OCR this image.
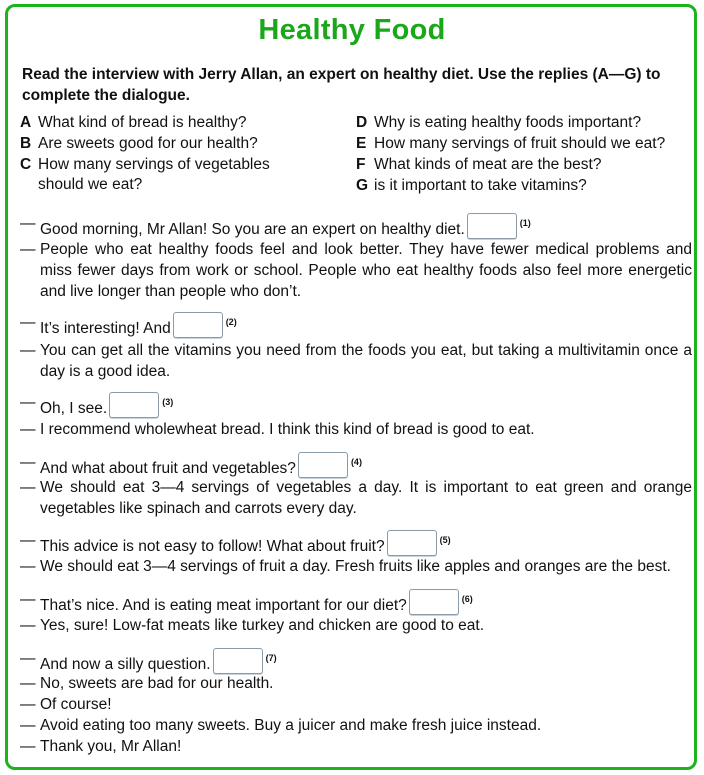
Healthy Food
Read the interview with Jerry Allan, an expert on healthy diet. Use the replies (A—G) to complete the dialogue.
A What kind of bread is healthy?
B Are sweets good for our health?
C How many servings of vegetables
should we eat?
D Why is eating healthy foods important?
E How many servings of fruit should we eat?
F What kinds of meat are the best?
G is it important to take vitamins?
— Good morning, Mr Allan! So you are an expert on healthy diet.	$^{(1)}$
— People who eat healthy foods feel and look better. They have fewer medical problems and miss fewer days from work or school. People who eat healthy foods also feel more energetic and live longer than people who don’t.
— It’s interesting! And	$^{(2)}$
— You can get all the vitamins you need from the foods you eat, but taking a multivitamin once a day is a good idea.
— Oh, I see.	$^{(3)}$
— I recommend wholewheat bread. I think this kind of bread is good to eat.
— And what about fruit and vegetables?	$^{(4)}$
— We should eat 3—4 servings of vegetables a day. It is important to eat green and orange vegetables like spinach and carrots every day.
— This advice is not easy to follow! What about fruit?	$^{(5)}$
— We should eat 3—4 servings of fruit a day. Fresh fruits like apples and oranges are the best.
— That’s nice. And is eating meat important for our diet?	$^{(6)}$
— Yes, sure! Low-fat meats like turkey and chicken are good to eat.
— And now a silly question.	$^{(7)}$
— No, sweets are bad for our health.
— Of course!
— Avoid eating too many sweets. Buy a juicer and make fresh juice instead.
— Thank you, Mr Allan!
